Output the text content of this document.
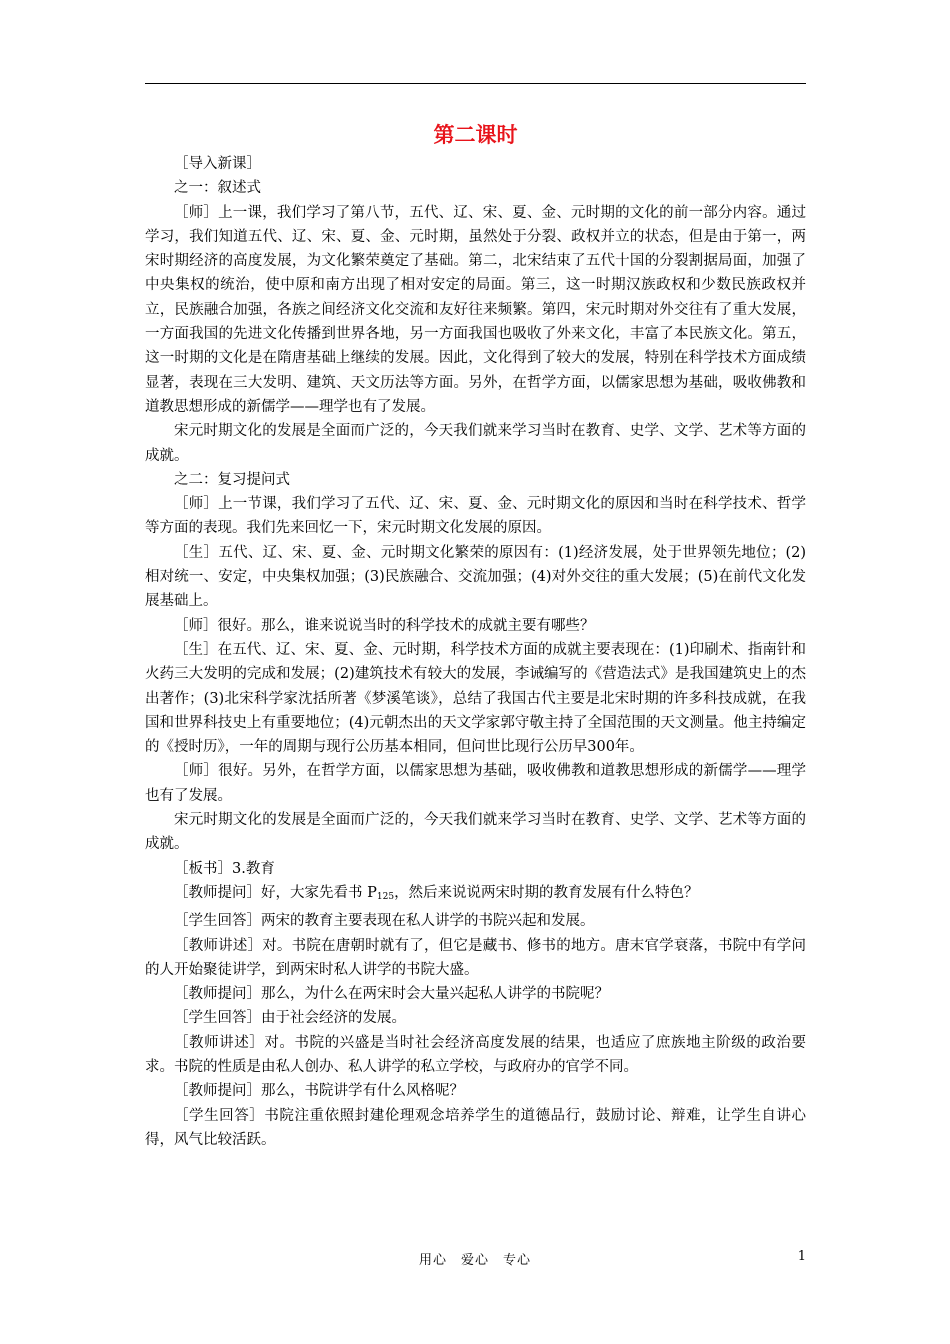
第二课时

［导入新课］

之一：叙述式

［师］上一课，我们学习了第八节，五代、辽、宋、夏、金、元时期的文化的前一部分内容。通过学习，我们知道五代、辽、宋、夏、金、元时期，虽然处于分裂、政权并立的状态，但是由于第一，两宋时期经济的高度发展，为文化繁荣奠定了基础。第二，北宋结束了五代十国的分裂割据局面，加强了中央集权的统治，使中原和南方出现了相对安定的局面。第三，这一时期汉族政权和少数民族政权并立，民族融合加强，各族之间经济文化交流和友好往来频繁。第四，宋元时期对外交往有了重大发展，一方面我国的先进文化传播到世界各地，另一方面我国也吸收了外来文化，丰富了本民族文化。第五，这一时期的文化是在隋唐基础上继续的发展。因此，文化得到了较大的发展，特别在科学技术方面成绩显著，表现在三大发明、建筑、天文历法等方面。另外，在哲学方面，以儒家思想为基础，吸收佛教和道教思想形成的新儒学——理学也有了发展。

宋元时期文化的发展是全面而广泛的，今天我们就来学习当时在教育、史学、文学、艺术等方面的成就。

之二：复习提问式

［师］上一节课，我们学习了五代、辽、宋、夏、金、元时期文化的原因和当时在科学技术、哲学等方面的表现。我们先来回忆一下，宋元时期文化发展的原因。

［生］五代、辽、宋、夏、金、元时期文化繁荣的原因有：(1)经济发展，处于世界领先地位；(2)相对统一、安定，中央集权加强；(3)民族融合、交流加强；(4)对外交往的重大发展；(5)在前代文化发展基础上。

［师］很好。那么，谁来说说当时的科学技术的成就主要有哪些？

［生］在五代、辽、宋、夏、金、元时期，科学技术方面的成就主要表现在：(1)印刷术、指南针和火药三大发明的完成和发展；(2)建筑技术有较大的发展，李诫编写的《营造法式》是我国建筑史上的杰出著作；(3)北宋科学家沈括所著《梦溪笔谈》，总结了我国古代主要是北宋时期的许多科技成就，在我国和世界科技史上有重要地位；(4)元朝杰出的天文学家郭守敬主持了全国范围的天文测量。他主持编定的《授时历》，一年的周期与现行公历基本相同，但问世比现行公历早300年。

［师］很好。另外，在哲学方面，以儒家思想为基础，吸收佛教和道教思想形成的新儒学——理学也有了发展。

宋元时期文化的发展是全面而广泛的，今天我们就来学习当时在教育、史学、文学、艺术等方面的成就。

［板书］3.教育

［教师提问］好，大家先看书 $P_{125}$，然后来说说两宋时期的教育发展有什么特色？

［学生回答］两宋的教育主要表现在私人讲学的书院兴起和发展。

［教师讲述］对。书院在唐朝时就有了，但它是藏书、修书的地方。唐末官学衰落，书院中有学问的人开始聚徒讲学，到两宋时私人讲学的书院大盛。

［教师提问］那么，为什么在两宋时会大量兴起私人讲学的书院呢？

［学生回答］由于社会经济的发展。

［教师讲述］对。书院的兴盛是当时社会经济高度发展的结果，也适应了庶族地主阶级的政治要求。书院的性质是由私人创办、私人讲学的私立学校，与政府办的官学不同。

［教师提问］那么，书院讲学有什么风格呢？

［学生回答］书院注重依照封建伦理观念培养学生的道德品行，鼓励讨论、辩难，让学生自讲心得，风气比较活跃。

用心　爱心　专心	1
